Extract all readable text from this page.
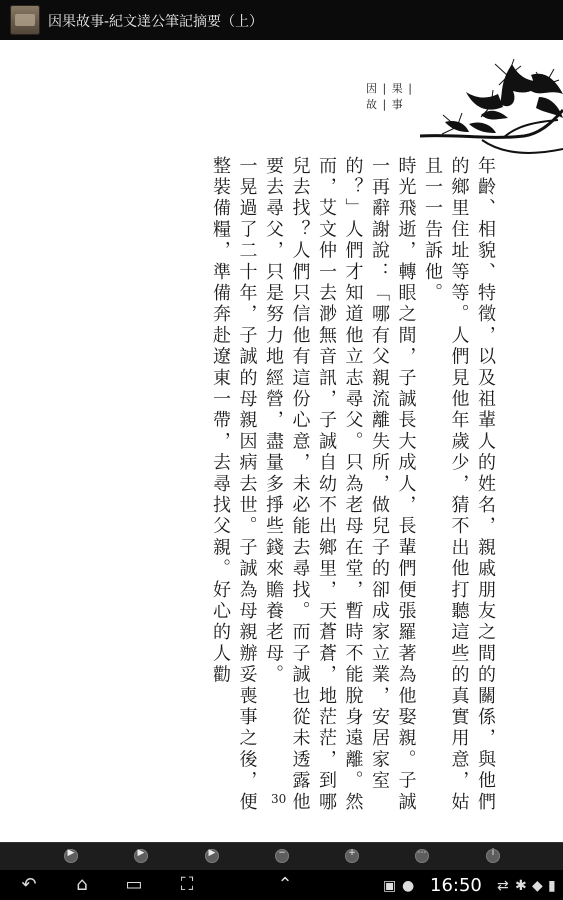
因果故事-紀文達公筆記摘要（上）
因 | 果 | 故 | 事

年齡、相貌、特徵，以及祖輩人的姓名，親戚朋友之間的關係，與他們的鄉里住址等等。人們見他年歲少，猜不出他打聽這些的真實用意，姑且一一告訴他。

時光飛逝，轉眼之間，子誠長大成人，長輩們便張羅著為他娶親。子誠一再辭謝說：「哪有父親流離失所，做兒子的卻成家立業，安居家室的？」人們才知道他立志尋父。只為老母在堂，暫時不能脫身遠離。然而，艾文仲一去渺無音訊，子誠自幼不出鄉里，天蒼蒼，地茫茫，到哪兒去找？人們只信他有這份心意，未必能去尋找。而子誠也從未透露他要去尋父，只是努力地經營，盡量多掙些錢來贍養老母。

一晃過了二十年，子誠的母親因病去世。子誠為母親辦妥喪事之後，便整裝備糧，準備奔赴遼東一帶，去尋找父親。好心的人勸

30
▶	▶	▶	−	+	⋯	i
↶	⌂	▭	⛶	⌃	▣ ● 16:50 ⇄ ✱ ◆ ▮
